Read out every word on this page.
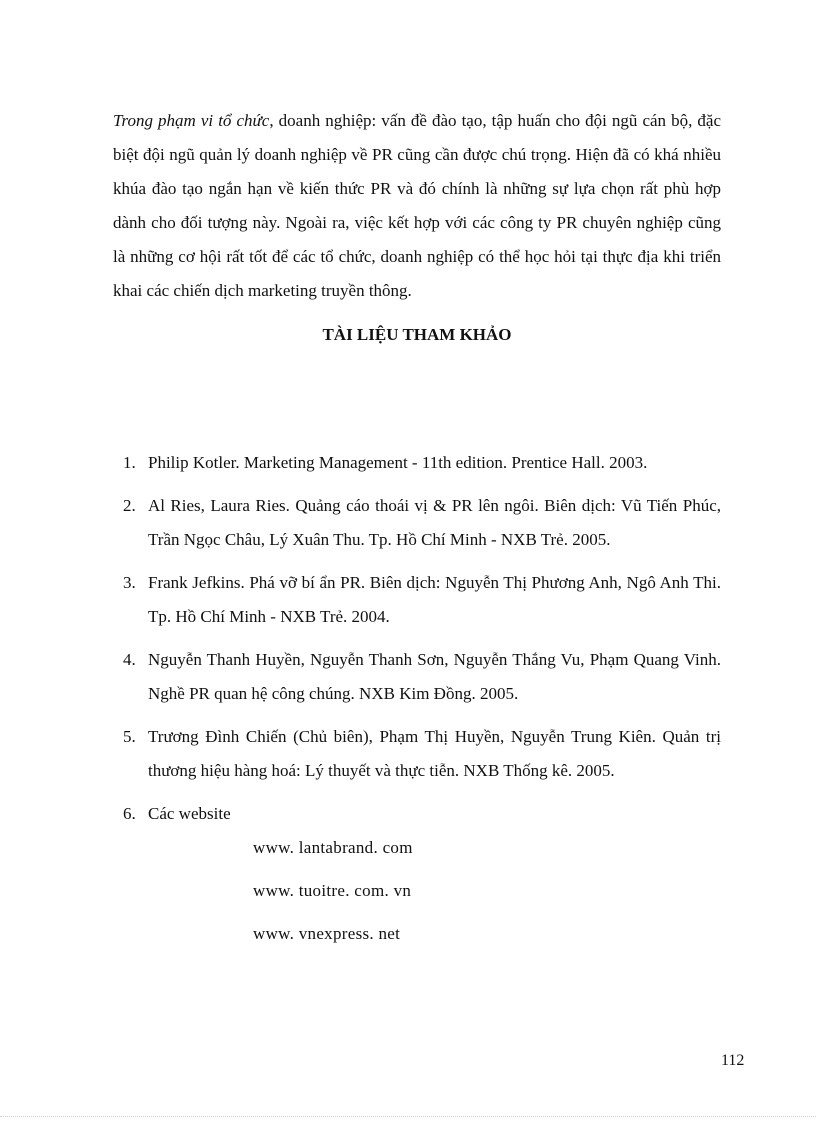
Trong phạm vi tổ chức, doanh nghiệp: vấn đề đào tạo, tập huấn cho đội ngũ cán bộ, đặc biệt đội ngũ quản lý doanh nghiệp về PR cũng cần được chú trọng. Hiện đã có khá nhiều khúa đào tạo ngắn hạn về kiến thức PR và đó chính là những sự lựa chọn rất phù hợp dành cho đối tượng này. Ngoài ra, việc kết hợp với các công ty PR chuyên nghiệp cũng là những cơ hội rất tốt để các tổ chức, doanh nghiệp có thể học hỏi tại thực địa khi triển khai các chiến dịch marketing truyền thông.

TÀI LIỆU THAM KHẢO
1. Philip Kotler. Marketing Management - 11th edition. Prentice Hall. 2003.
2. Al Ries, Laura Ries. Quảng cáo thoái vị & PR lên ngôi. Biên dịch: Vũ Tiến Phúc, Trần Ngọc Châu, Lý Xuân Thu. Tp. Hồ Chí Minh - NXB Trẻ. 2005.
3. Frank Jefkins. Phá vỡ bí ẩn PR. Biên dịch: Nguyễn Thị Phương Anh, Ngô Anh Thi. Tp. Hồ Chí Minh - NXB Trẻ. 2004.
4. Nguyễn Thanh Huyền, Nguyễn Thanh Sơn, Nguyễn Thắng Vu, Phạm Quang Vinh. Nghề PR quan hệ công chúng. NXB Kim Đồng. 2005.
5. Trương Đình Chiến (Chủ biên), Phạm Thị Huyền, Nguyễn Trung Kiên. Quản trị thương hiệu hàng hoá: Lý thuyết và thực tiễn. NXB Thống kê. 2005.
6. Các website
www. lantabrand. com
www. tuoitre. com. vn
www. vnexpress. net
112
